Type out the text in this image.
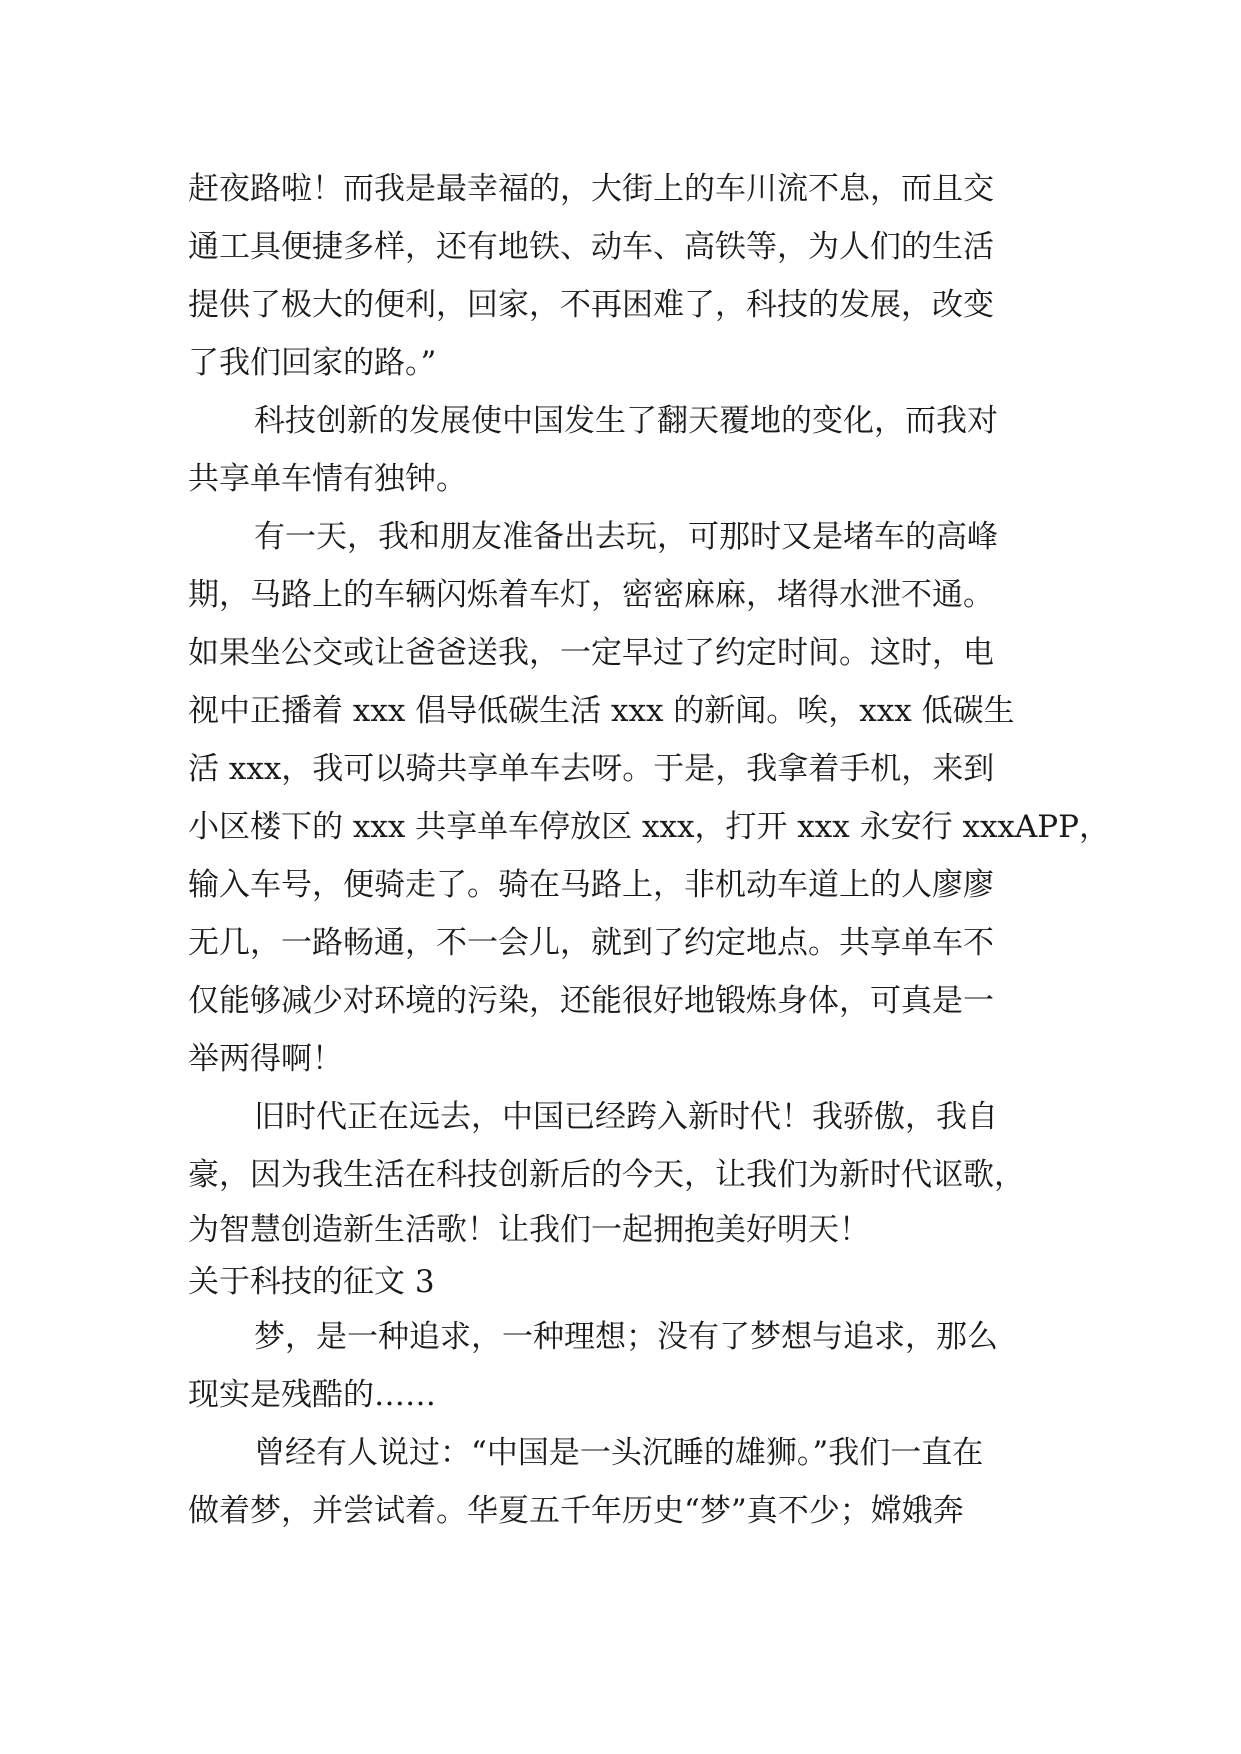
赶夜路啦！而我是最幸福的，大街上的车川流不息，而且交
通工具便捷多样，还有地铁、动车、高铁等，为人们的生活
提供了极大的便利，回家，不再困难了，科技的发展，改变
了我们回家的路。”
科技创新的发展使中国发生了翻天覆地的变化，而我对
共享单车情有独钟。
有一天，我和朋友准备出去玩，可那时又是堵车的高峰
期，马路上的车辆闪烁着车灯，密密麻麻，堵得水泄不通。
如果坐公交或让爸爸送我，一定早过了约定时间。这时，电
视中正播着 xxx 倡导低碳生活 xxx 的新闻。唉，xxx 低碳生
活 xxx，我可以骑共享单车去呀。于是，我拿着手机，来到
小区楼下的 xxx 共享单车停放区 xxx，打开 xxx 永安行 xxxAPP，
输入车号，便骑走了。骑在马路上，非机动车道上的人廖廖
无几，一路畅通，不一会儿，就到了约定地点。共享单车不
仅能够减少对环境的污染，还能很好地锻炼身体，可真是一
举两得啊！
旧时代正在远去，中国已经跨入新时代！我骄傲，我自
豪，因为我生活在科技创新后的今天，让我们为新时代讴歌，
为智慧创造新生活歌！让我们一起拥抱美好明天！
关于科技的征文 3
梦，是一种追求，一种理想；没有了梦想与追求，那么
现实是残酷的……
曾经有人说过：“中国是一头沉睡的雄狮。”我们一直在
做着梦，并尝试着。华夏五千年历史“梦”真不少；嫦娥奔
